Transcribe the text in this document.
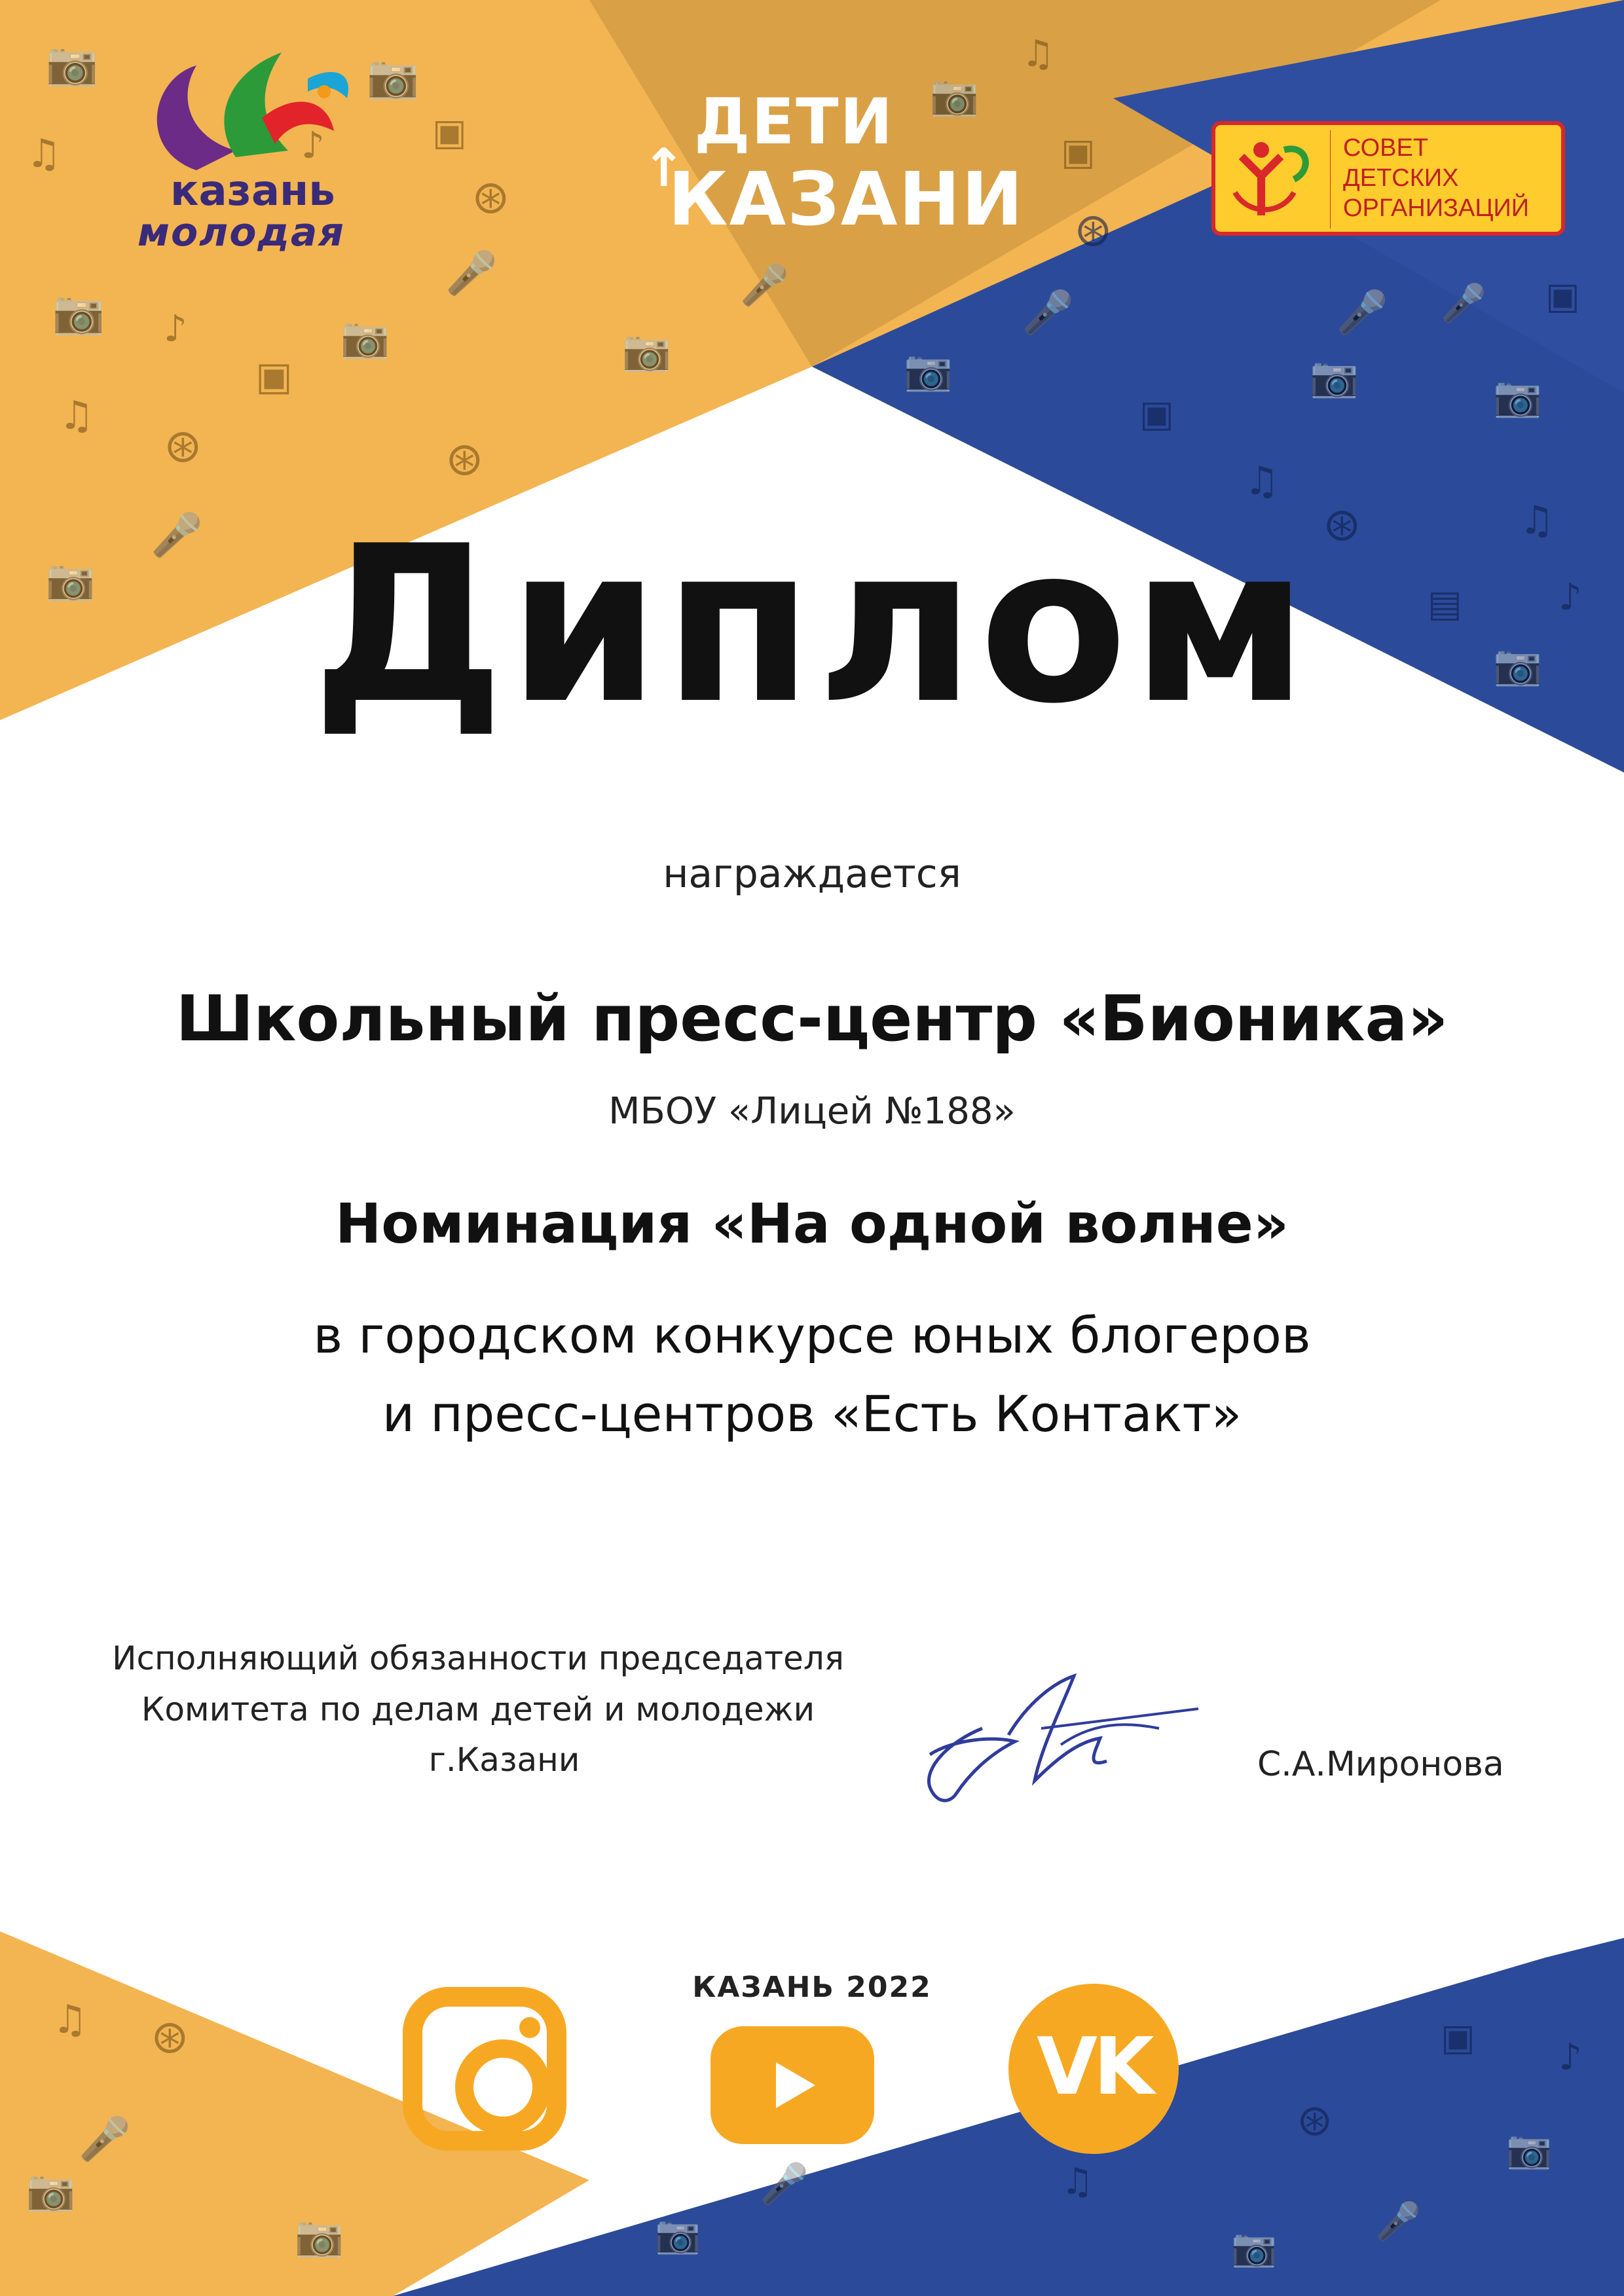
📷
♫
📷 ♪
⊛
♫
📷
🎤
▣
📷
⊛
🎤
📷
⊛
▣
♪
📷
🎤
📷
♫
▣
📷
🎤
⊛
♫
📷
🎤
⊛
▣	📷
♫
📷
▤	♪
🎤 ▣
♫ ⊛
🎤
📷
📷
🎤
📷
♫
📷
⊛
▣
📷
♪
🎤
казань
молодая
ДЕТИ
↑
КАЗАНИ
СОВЕТ
ДЕТСКИХ
ОРГАНИЗАЦИЙ
Диплом
награждается
Школьный пресс-центр «Бионика»
МБОУ «Лицей №188»
Номинация «На одной волне»
в городском конкурсе юных блогеров
и пресс-центров «Есть Контакт»
Исполняющий обязанности председателя
Комитета по делам детей и молодежи
г.Казани	С.А.Миронова
КАЗАНЬ 2022
VK
